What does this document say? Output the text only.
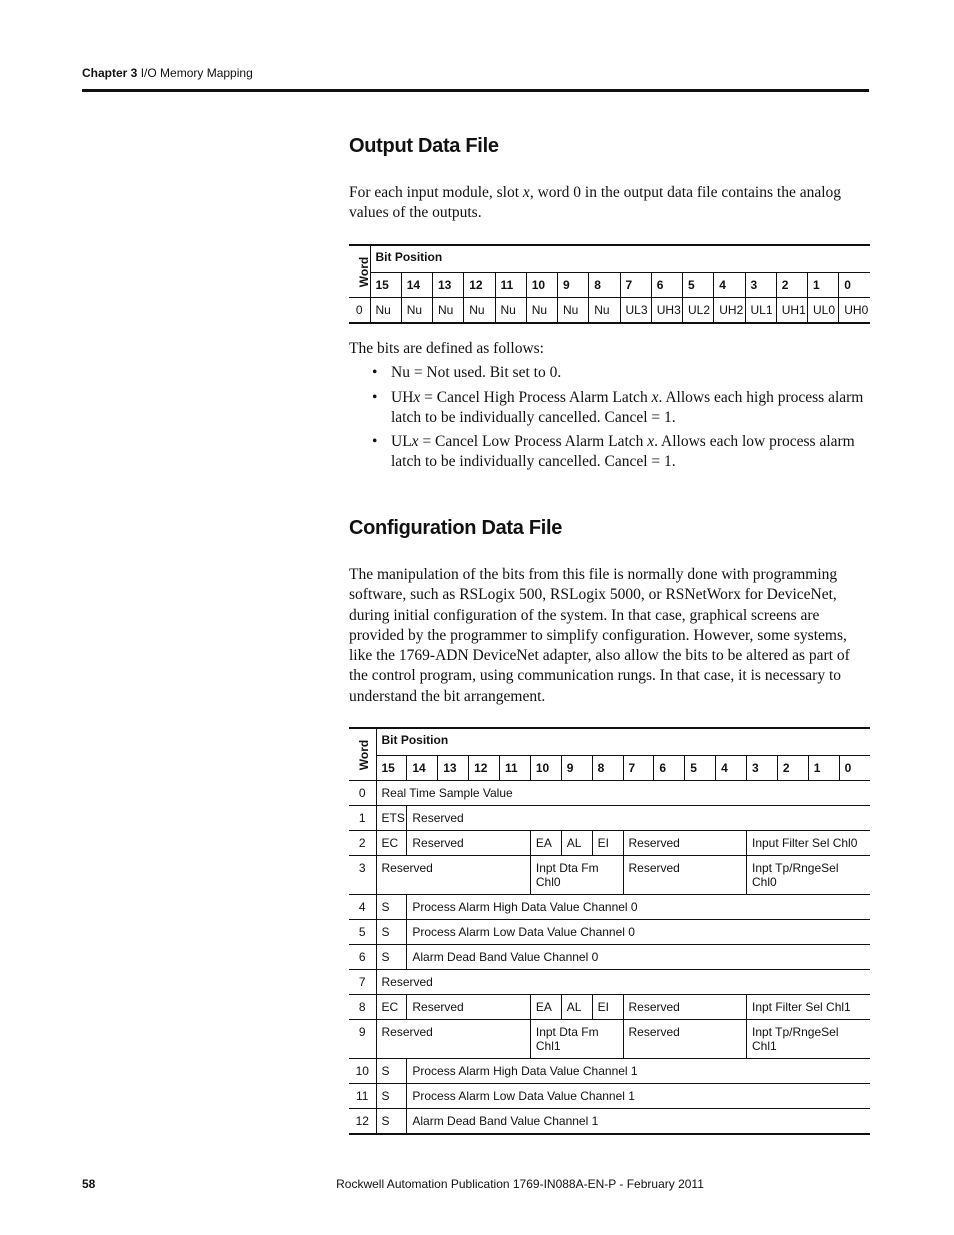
Chapter 3 I/O Memory Mapping
Output Data File
For each input module, slot x, word 0 in the output data file contains the analog values of the outputs.
Word	Bit Position															
	15	14	13	12	11	10	9	8	7	6	5	4	3	2	1	0
0	Nu	Nu	Nu	Nu	Nu	Nu	Nu	Nu	UL3	UH3	UL2	UH2	UL1	UH1	UL0	UH0
The bits are defined as follows:
• Nu = Not used. Bit set to 0.
• UHx = Cancel High Process Alarm Latch x. Allows each high process alarm latch to be individually cancelled. Cancel = 1.
• ULx = Cancel Low Process Alarm Latch x. Allows each low process alarm latch to be individually cancelled. Cancel = 1.
Configuration Data File
The manipulation of the bits from this file is normally done with programming software, such as RSLogix 500, RSLogix 5000, or RSNetWorx for DeviceNet, during initial configuration of the system. In that case, graphical screens are provided by the programmer to simplify configuration. However, some systems, like the 1769-ADN DeviceNet adapter, also allow the bits to be altered as part of the control program, using communication rungs. In that case, it is necessary to understand the bit arrangement.
Word	Bit Position															
	15	14	13	12	11	10	9	8	7	6	5	4	3	2	1	0
0	Real Time Sample Value															
1	ETS	Reserved														
2	EC	Reserved				EA	AL	EI	Reserved				Input Filter Sel Chl0			
3	Reserved					Inpt Dta Fm Chl0			Reserved				Inpt Tp/RngeSel Chl0			
4	S	Process Alarm High Data Value Channel 0														
5	S	Process Alarm Low Data Value Channel 0														
6	S	Alarm Dead Band Value Channel 0														
7	Reserved															
8	EC	Reserved				EA	AL	EI	Reserved				Inpt Filter Sel Chl1			
9	Reserved					Inpt Dta Fm Chl1			Reserved				Inpt Tp/RngeSel Chl1			
10	S	Process Alarm High Data Value Channel 1														
11	S	Process Alarm Low Data Value Channel 1														
12	S	Alarm Dead Band Value Channel 1														
58	Rockwell Automation Publication 1769-IN088A-EN-P - February 2011
